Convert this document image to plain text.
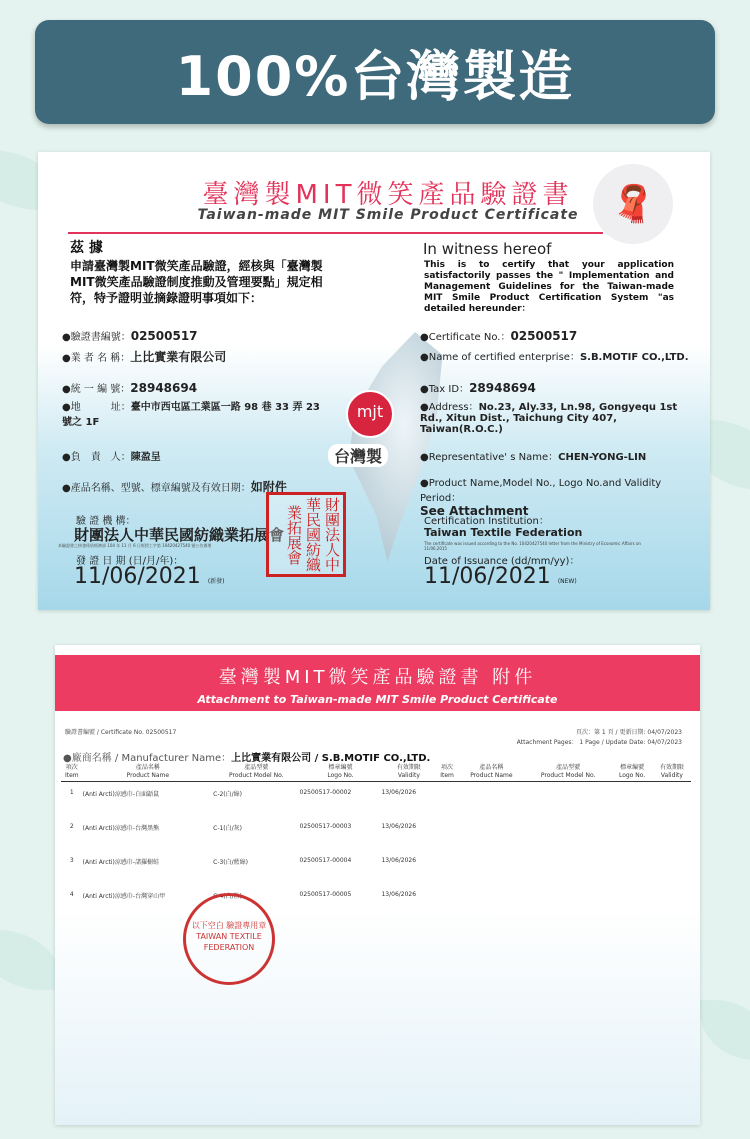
100%台灣製造
臺灣製MIT微笑產品驗證書
Taiwan-made MIT Smile Product Certificate 🧣
mjt
台灣製
茲 據
申請臺灣製MIT微笑產品驗證，經核與「臺灣製MIT微笑產品驗證制度推動及管理要點」規定相符，特予證明並摘錄證明事項如下：
In witness hereof
This is to certify that your application satisfactorily passes the " Implementation and Management Guidelines for the Taiwan-made MIT Smile Product Certification System "as detailed hereunder：
●驗證書編號：02500517
●業 者 名 稱：上比實業有限公司
●統 一 編 號：28948694
●地　　　址：臺中市西屯區工業區一路 98 巷 33 弄 23 號之 1F
●負　責　人：陳盈呈
●產品名稱、型號、標章編號及有效日期：如附件
●Certificate No.：02500517
●Name of certified enterprise：S.B.MOTIF CO.,LTD.
●Tax ID：28948694
●Address：No.23, Aly.33, Ln.98, Gongyequ 1st Rd., Xitun Dist., Taichung City 407, Taiwan(R.O.C.)
●Representative' s Name：CHEN-YONG-LIN
●Product Name,Model No., Logo No.and Validity Period：
See Attachment
驗 證 機 構：
財團法人中華民國紡織業拓展會
本驗證書之核發係依經濟部 104 年 11 月 6 日經授工字第 10420427540 號公告辦理
發 證 日 期 (日/月/年)：
11/06/2021 (新發)
財團法人中華民國紡織業拓展會	Certification Institution：
Taiwan Textile Federation
The certificate was issued according to the No. 10420427540 letter from the Ministry of Economic Affairs on 11/06,2015
Date of Issuance (dd/mm/yy)：
11/06/2021 (NEW)
臺灣製MIT微笑產品驗證書 附件
Attachment to Taiwan-made MIT Smile Product Certificate
驗證書編號 / Certificate No. 02500517	頁次：第 1 頁 / 更新日期: 04/07/2023
Attachment Pages： 1 Page / Update Date: 04/07/2023
●廠商名稱 / Manufacturer Name：上比實業有限公司 / S.B.MOTIF CO.,LTD.
項次
Item	產品名稱
Product Name	產品型號
Product Model No.	標章編號
Logo No.	有效期限
Validity	項次
Item	產品名稱
Product Name	產品型號
Product Model No.	標章編號
Logo No.	有效期限
Validity
1	(Anti Arcti)涼感巾-白面鼯鼠	C-2(白/綠)	02500517-00002	13/06/2026					
2	(Anti Arcti)涼感巾-台灣黑熊	C-1(白/灰)	02500517-00003	13/06/2026					
3	(Anti Arcti)涼感巾-諸羅樹蛙	C-3(白/藍綠)	02500517-00004	13/06/2026					
4	(Anti Arcti)涼感巾-台灣穿山甲	C-4(白/粉)	02500517-00005	13/06/2026					
以下空白 驗證專用章 TAIWAN TEXTILE FEDERATION
